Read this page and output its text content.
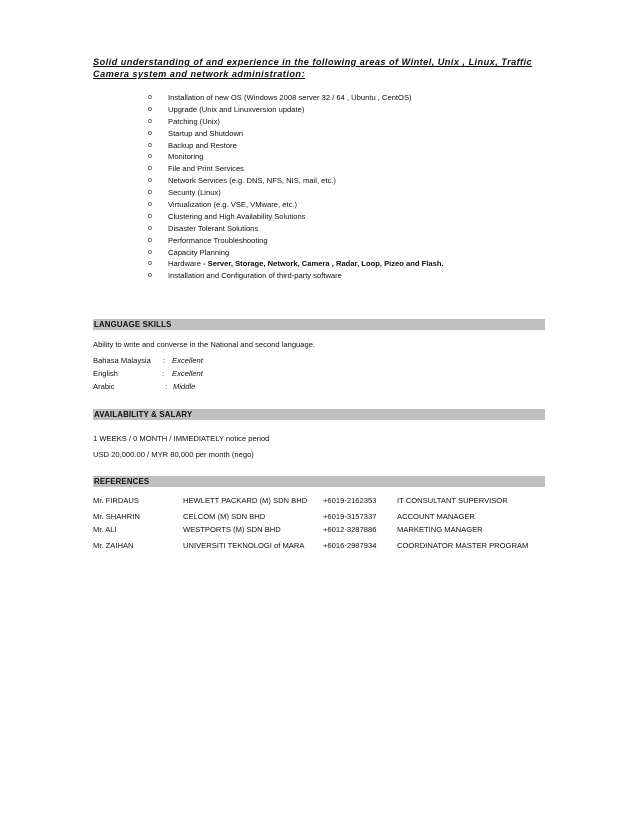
Solid understanding of and experience in the following areas of Wintel, Unix , Linux, Traffic Camera system and network administration:
o	Installation of new OS (Windows 2008 server 32 / 64 , Ubuntu , CentOS)
o	Upgrade (Unix and Linuxversion update)
o	Patching (Unix)
o	Startup and Shutdown
o	Backup and Restore
o	Monitoring
o	File and Print Services
o	Network Services (e.g. DNS, NFS, NIS, mail, etc.)
o	Security (Linux)
o	Virtualization (e.g. VSE, VMware, etc.)
o	Clustering and High Availability Solutions
o	Disaster Tolerant Solutions
o	Performance Troubleshooting
o	Capacity Planning
o	Hardware - Server, Storage, Network, Camera , Radar, Loop, Pizeo and Flash.
o	Installation and Configuration of third-party software
LANGUAGE SKILLS
Ability to write and converse in the National and second language.
Bahasa Malaysia : Excellent
English	: Excellent
Arabic	: Middle
AVAILABILITY & SALARY
1 WEEKS / 0 MONTH / IMMEDIATELY notice period
USD 20,000.00 / MYR 80,000 per month (nego)
REFERENCES
Mr. FIRDAUS	HEWLETT PACKARD (M) SDN BHD +6019-2162353	IT CONSULTANT SUPERVISOR
Mr. SHAHRIN	CELCOM (M) SDN BHD	+6019-3157337	ACCOUNT MANAGER
Mr. ALI	WESTPORTS (M) SDN BHD	+6012-3287886	MARKETING MANAGER
Mr. ZAIHAN	UNIVERSITI TEKNOLOGI of MARA +6016-2987934	COORDINATOR MASTER PROGRAM
